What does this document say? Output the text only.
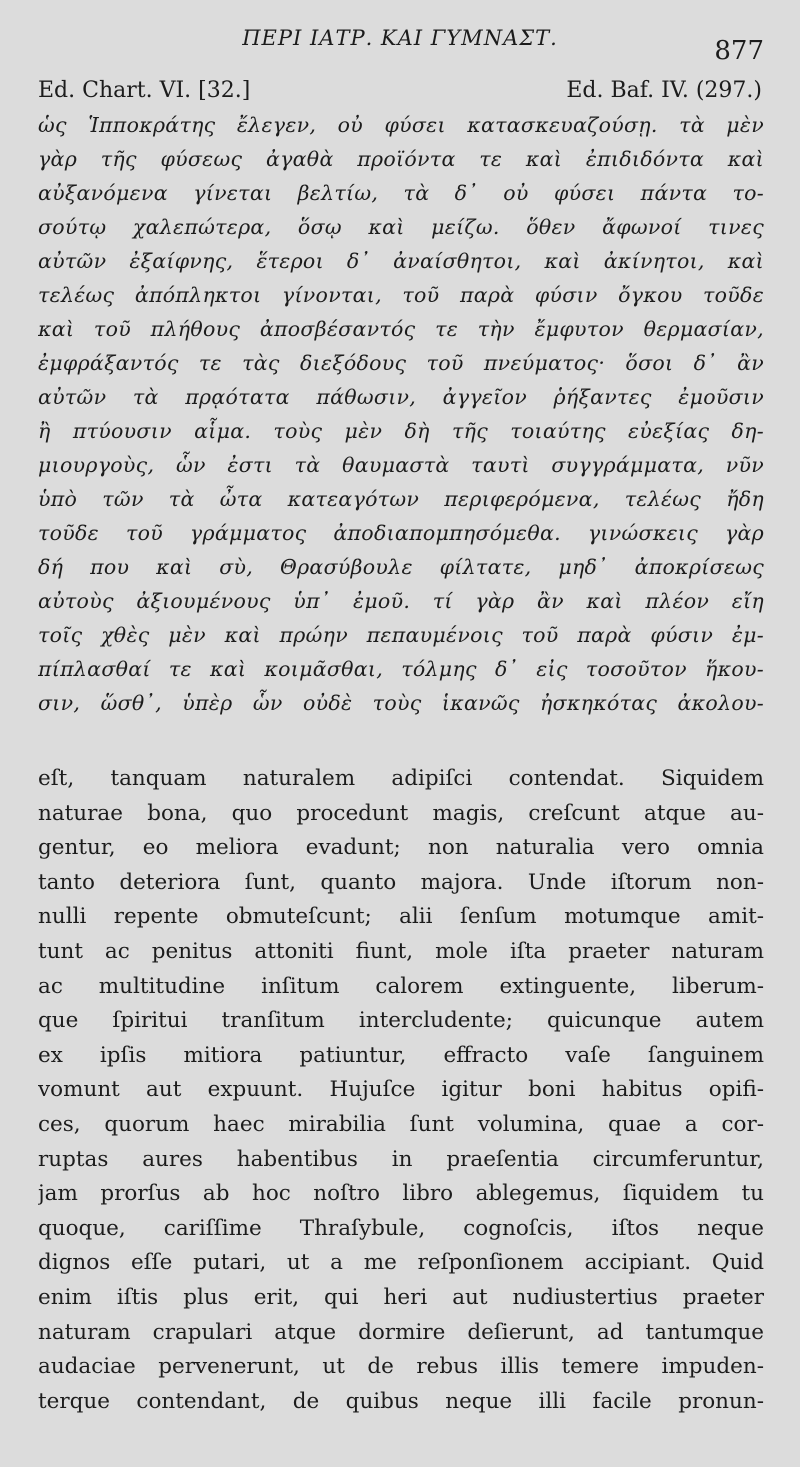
ΠΕΡΙ ΙΑΤΡ. ΚΑΙ ΓΥΜΝΑΣΤ.	877
Ed. Chart. VI. [32.]	Ed. Baf. IV. (297.)
ὡς Ἱπποκράτης ἔλεγεν, οὐ φύσει κατασκευαζούσῃ. τὰ μὲν
γὰρ τῆς φύσεως ἀγαθὰ προϊόντα τε καὶ ἐπιδιδόντα καὶ
αὐξανόμενα γίνεται βελτίω, τὰ δ᾽ οὐ φύσει πάντα το-
σούτῳ χαλεπώτερα, ὅσῳ καὶ μείζω. ὅθεν ἄφωνοί τινες
αὐτῶν ἐξαίφνης, ἕτεροι δ᾽ ἀναίσθητοι, καὶ ἀκίνητοι, καὶ
τελέως ἀπόπληκτοι γίνονται, τοῦ παρὰ φύσιν ὄγκου τοῦδε
καὶ τοῦ πλήθους ἀποσβέσαντός τε τὴν ἔμφυτον θερμασίαν,
ἐμφράξαντός τε τὰς διεξόδους τοῦ πνεύματος· ὅσοι δ᾽ ἂν
αὐτῶν τὰ πρᾳότατα πάθωσιν, ἀγγεῖον ῥήξαντες ἐμοῦσιν
ἢ πτύουσιν αἷμα. τοὺς μὲν δὴ τῆς τοιαύτης εὐεξίας δη-
μιουργοὺς, ὧν ἐστι τὰ θαυμαστὰ ταυτὶ συγγράμματα, νῦν
ὑπὸ τῶν τὰ ὦτα κατεαγότων περιφερόμενα, τελέως ἤδη
τοῦδε τοῦ γράμματος ἀποδιαπομπησόμεθα. γινώσκεις γὰρ
δή που καὶ σὺ, Θρασύβουλε φίλτατε, μηδ᾽ ἀποκρίσεως
αὐτοὺς ἀξιουμένους ὑπ᾽ ἐμοῦ. τί γὰρ ἂν καὶ πλέον εἴη
τοῖς χθὲς μὲν καὶ πρώην πεπαυμένοις τοῦ παρὰ φύσιν ἐμ-
πίπλασθαί τε καὶ κοιμᾶσθαι, τόλμης δ᾽ εἰς τοσοῦτον ἥκου-
σιν, ὥσθ᾽, ὑπὲρ ὧν οὐδὲ τοὺς ἱκανῶς ἠσκηκότας ἀκολου-
eſt, tanquam naturalem adipiſci contendat. Siquidem
naturae bona, quo procedunt magis, creſcunt atque au-
gentur, eo meliora evadunt; non naturalia vero omnia
tanto deteriora ſunt, quanto majora. Unde iſtorum non-
nulli repente obmuteſcunt; alii ſenſum motumque amit-
tunt ac penitus attoniti fiunt, mole iſta praeter naturam
ac multitudine inſitum calorem extinguente, liberum-
que ſpiritui tranſitum intercludente; quicunque autem
ex ipſis mitiora patiuntur, effracto vaſe ſanguinem
vomunt aut expuunt. Hujuſce igitur boni habitus opifi-
ces, quorum haec mirabilia ſunt volumina, quae a cor-
ruptas aures habentibus in praeſentia circumferuntur,
jam prorſus ab hoc noſtro libro ablegemus, ſiquidem tu
quoque, cariſſime Thraſybule, cognoſcis, iſtos neque
dignos eſſe putari, ut a me reſponſionem accipiant. Quid
enim iſtis plus erit, qui heri aut nudiustertius praeter
naturam crapulari atque dormire deſierunt, ad tantumque
audaciae pervenerunt, ut de rebus illis temere impuden-
terque contendant, de quibus neque illi facile pronun-
